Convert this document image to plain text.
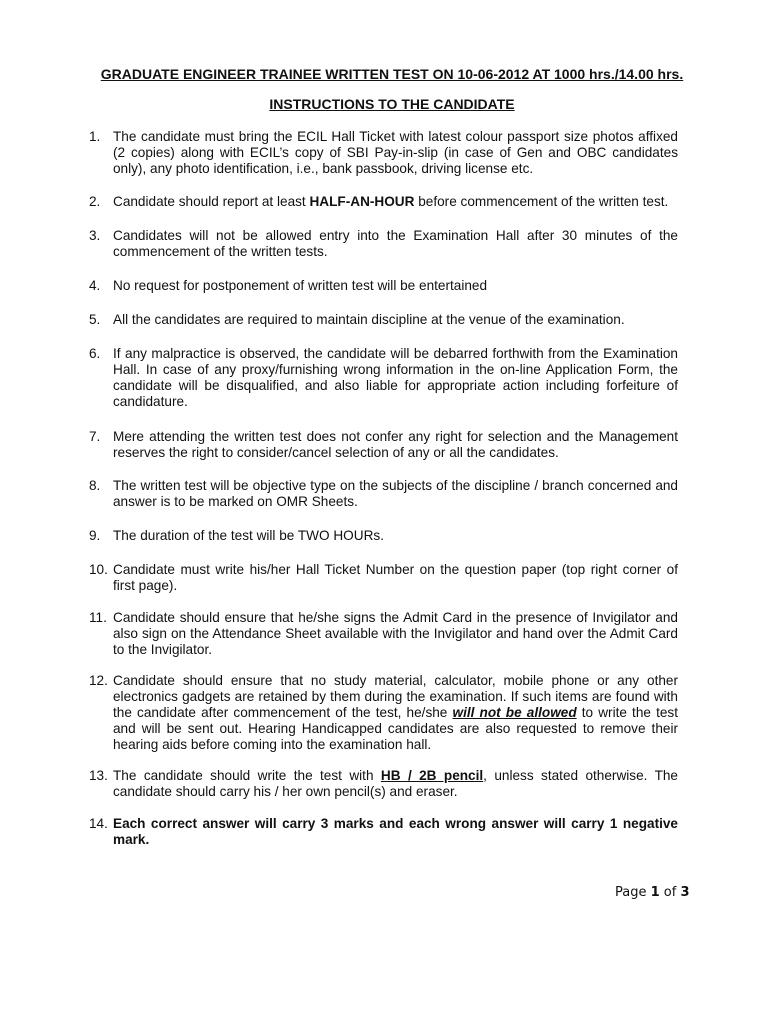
GRADUATE ENGINEER TRAINEE WRITTEN TEST ON 10-06-2012 AT 1000 hrs./14.00 hrs.
INSTRUCTIONS TO THE CANDIDATE
1. The candidate must bring the ECIL Hall Ticket with latest colour passport size photos affixed (2 copies) along with ECIL’s copy of SBI Pay-in-slip (in case of Gen and OBC candidates only), any photo identification, i.e., bank passbook, driving license etc.
2. Candidate should report at least HALF-AN-HOUR before commencement of the written test.
3. Candidates will not be allowed entry into the Examination Hall after 30 minutes of the commencement of the written tests.
4. No request for postponement of written test will be entertained
5. All the candidates are required to maintain discipline at the venue of the examination.
6. If any malpractice is observed, the candidate will be debarred forthwith from the Examination Hall. In case of any proxy/furnishing wrong information in the on-line Application Form, the candidate will be disqualified, and also liable for appropriate action including forfeiture of candidature.
7. Mere attending the written test does not confer any right for selection and the Management reserves the right to consider/cancel selection of any or all the candidates.
8. The written test will be objective type on the subjects of the discipline / branch concerned and answer is to be marked on OMR Sheets.
9. The duration of the test will be TWO HOURs.
10. Candidate must write his/her Hall Ticket Number on the question paper (top right corner of first page).
11. Candidate should ensure that he/she signs the Admit Card in the presence of Invigilator and also sign on the Attendance Sheet available with the Invigilator and hand over the Admit Card to the Invigilator.
12. Candidate should ensure that no study material, calculator, mobile phone or any other electronics gadgets are retained by them during the examination. If such items are found with the candidate after commencement of the test, he/she will not be allowed to write the test and will be sent out. Hearing Handicapped candidates are also requested to remove their hearing aids before coming into the examination hall.
13. The candidate should write the test with HB / 2B pencil, unless stated otherwise. The candidate should carry his / her own pencil(s) and eraser.
14. Each correct answer will carry 3 marks and each wrong answer will carry 1 negative mark.
Page 1 of 3
